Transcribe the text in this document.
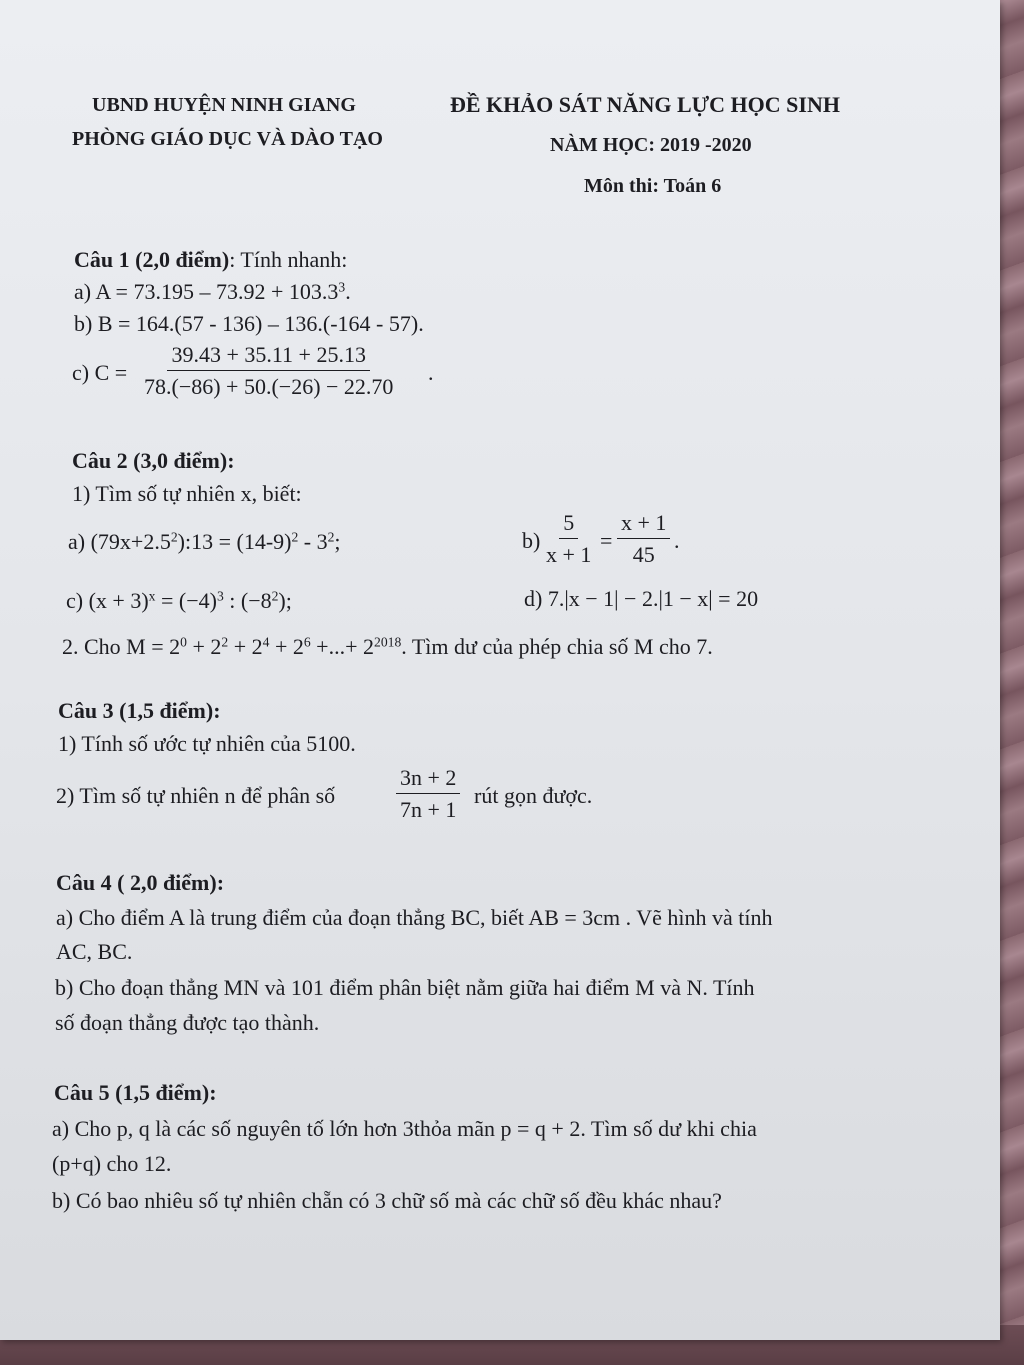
UBND HUYỆN NINH GIANG
PHÒNG GIÁO DỤC VÀ DÀO TẠO
ĐỀ KHẢO SÁT NĂNG LỰC HỌC SINH
NÀM HỌC: 2019 -2020
Môn thi: Toán 6
Câu 1 (2,0 điểm): Tính nhanh:
a) $A = 73.195 - 73.92 + 103.3^3$.
b) B = 164.(57 - 136) – 136.(-164 - 57).
c) $C = \frac{39.43 + 35.11 + 25.13}{78.(-86) + 50.(-26) - 22.70}$ .
Câu 2 (3,0 điểm):
1) Tìm số tự nhiên x, biết:
a) $(79x+2.5^2):13 = (14-9)^2 - 3^2$;	$b) \frac{5}{x + 1} = \frac{x + 1}{45}$ .
c) $(x + 3)^x = (-4)^3$ : $(-8^2)$;	d) 7.|x − 1| − 2.|1 − x| = 20
2. Cho $M = 2^0 + 2^2 + 2^4 + 2^6$ +...+ $2^{2018}$. Tìm dư của phép chia số M cho 7.
Câu 3 (1,5 điểm):
1) Tính số ước tự nhiên của 5100.
2) Tìm số tự nhiên n để phân số	$\frac{3n + 2}{7n + 1}$ rút gọn được.
Câu 4 ( 2,0 điểm):
a) Cho điểm A là trung điểm của đoạn thẳng BC, biết AB = 3cm . Vẽ hình và tính
AC, BC.
b) Cho đoạn thẳng MN và 101 điểm phân biệt nằm giữa hai điểm M và N. Tính
số đoạn thẳng được tạo thành.
Câu 5 (1,5 điểm):
a) Cho p, q là các số nguyên tố lớn hơn 3thỏa mãn p = q + 2. Tìm số dư khi chia
(p+q) cho 12.
b) Có bao nhiêu số tự nhiên chẵn có 3 chữ số mà các chữ số đều khác nhau?
